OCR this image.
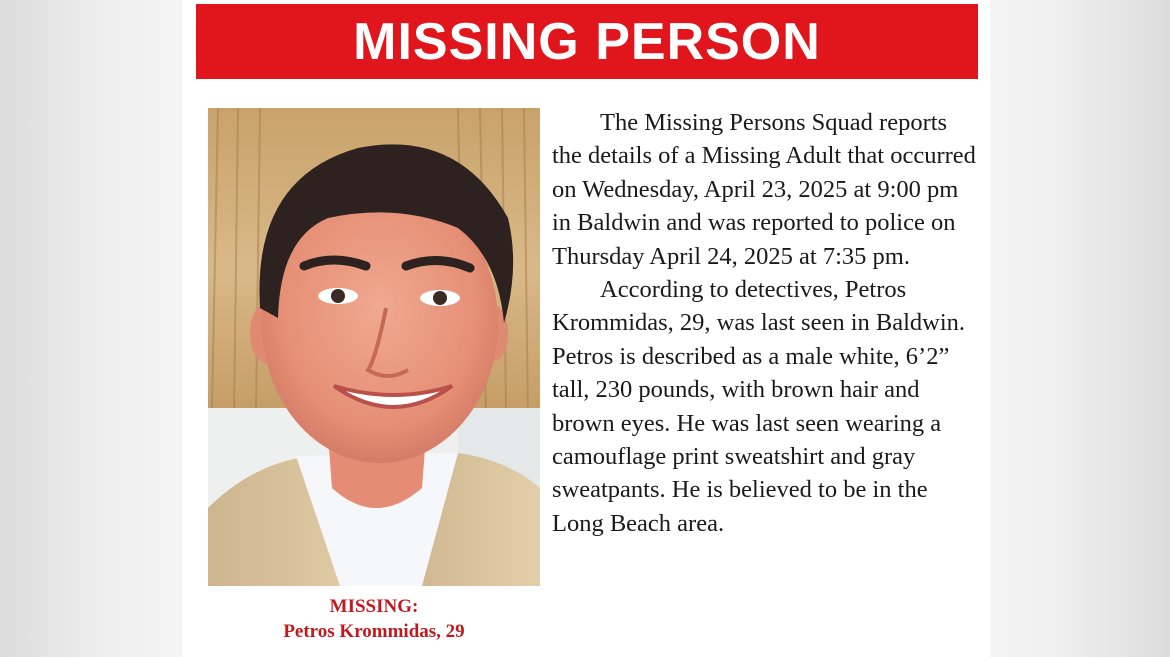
MISSING PERSON
MISSING:
Petros Krommidas, 29

The Missing Persons Squad reports the details of a Missing Adult that occurred on Wednesday, April 23, 2025 at 9:00 pm in Baldwin and was reported to police on Thursday April 24, 2025 at 7:35 pm.

According to detectives, Petros Krommidas, 29, was last seen in Baldwin. Petros is described as a male white, 6’2” tall, 230 pounds, with brown hair and brown eyes. He was last seen wearing a camouflage print sweatshirt and gray sweatpants. He is believed to be in the Long Beach area.
